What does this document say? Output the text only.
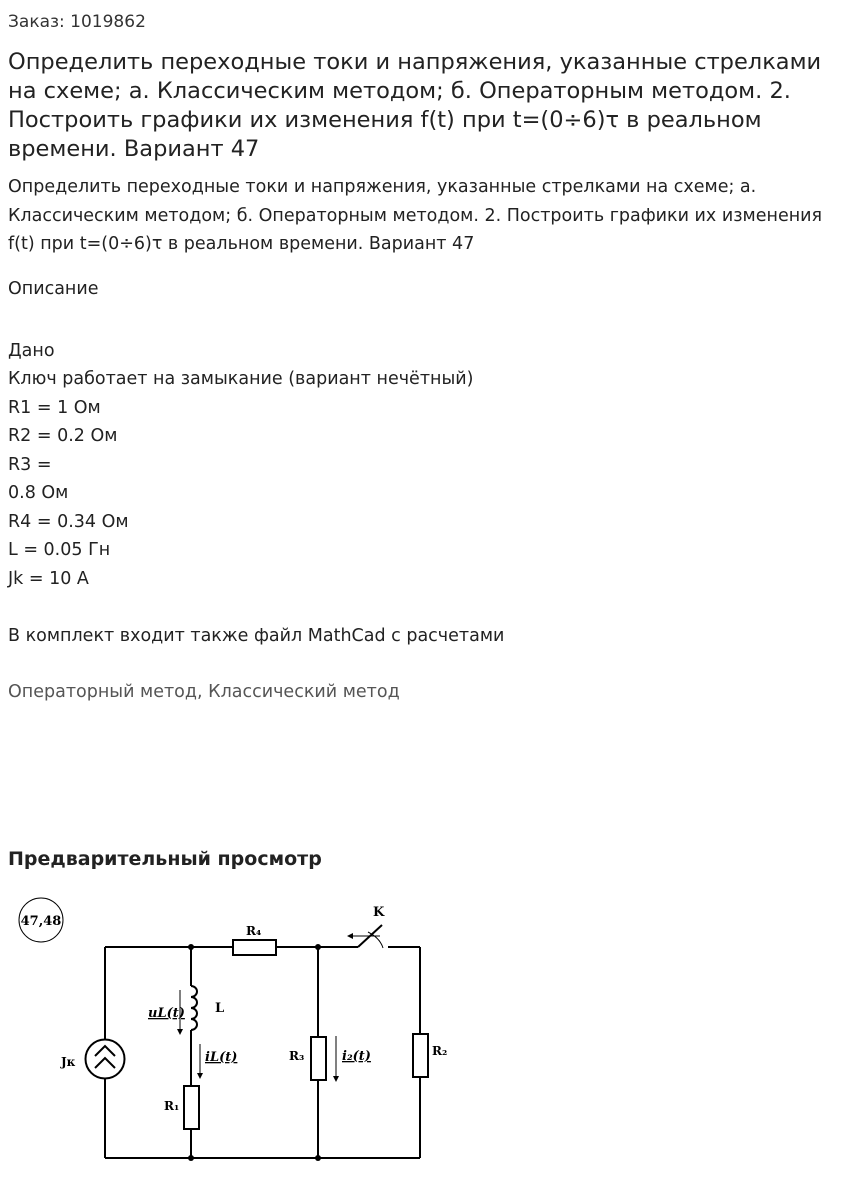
Заказ: 1019862

Определить переходные токи и напряжения, указанные стрелками на схеме; а. Классическим методом; б. Операторным методом. 2. Построить графики их изменения f(t) при t=(0÷6)τ в реальном времени. Вариант 47

Определить переходные токи и напряжения, указанные стрелками на схеме; а. Классическим методом; б. Операторным методом. 2. Построить графики их изменения f(t) при t=(0÷6)τ в реальном времени. Вариант 47

Описание
Дано
Ключ работает на замыкание (вариант нечётный)
R1 = 1 Ом
R2 = 0.2 Ом
R3 =
0.8 Ом
R4 = 0.34 Ом
L = 0.05 Гн
Jk = 10 А
В комплект входит также файл MathCad с расчетами
Операторный метод, Классический метод
Предварительный просмотр
47,48
R₄
K
L
uL(t)
iL(t)
Jк
R₁
R₃	i₂(t)	R₂
